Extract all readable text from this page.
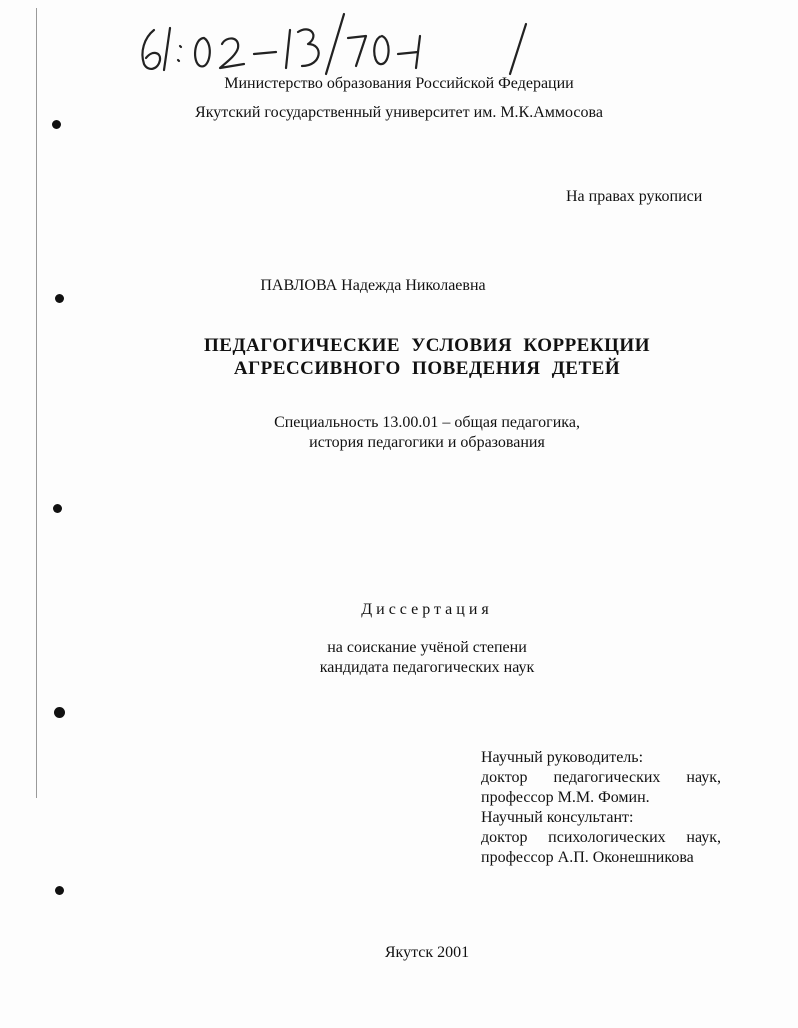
Министерство образования Российской Федерации
Якутский государственный университет им. М.К.Аммосова
На правах рукописи
ПАВЛОВА Надежда Николаевна
ПЕДАГОГИЧЕСКИЕ УСЛОВИЯ КОРРЕКЦИИ
АГРЕССИВНОГО ПОВЕДЕНИЯ ДЕТЕЙ
Специальность 13.00.01 – общая педагогика,
история педагогики и образования
Диссертация
на соискание учёной степени
кандидата педагогических наук
Научный руководитель:
доктор педагогических наук,
профессор М.М. Фомин.
Научный консультант:
доктор психологических наук,
профессор А.П. Оконешникова
Якутск 2001
